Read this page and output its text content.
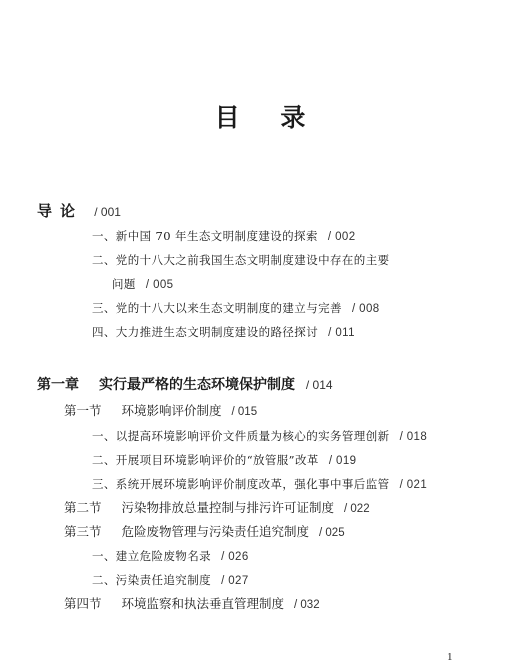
目 录
导论 / 001
一、新中国 70 年生态文明制度建设的探索 / 002
二、党的十八大之前我国生态文明制度建设中存在的主要
问题 / 005
三、党的十八大以来生态文明制度的建立与完善 / 008
四、大力推进生态文明制度建设的路径探讨 / 011
第一章 实行最严格的生态环境保护制度 / 014
第一节 环境影响评价制度 / 015
一、以提高环境影响评价文件质量为核心的实务管理创新 / 018
二、开展项目环境影响评价的“放管服”改革 / 019
三、系统开展环境影响评价制度改革，强化事中事后监管 / 021
第二节 污染物排放总量控制与排污许可证制度 / 022
第三节 危险废物管理与污染责任追究制度 / 025
一、建立危险废物名录 / 026
二、污染责任追究制度 / 027
第四节 环境监察和执法垂直管理制度 / 032
1
